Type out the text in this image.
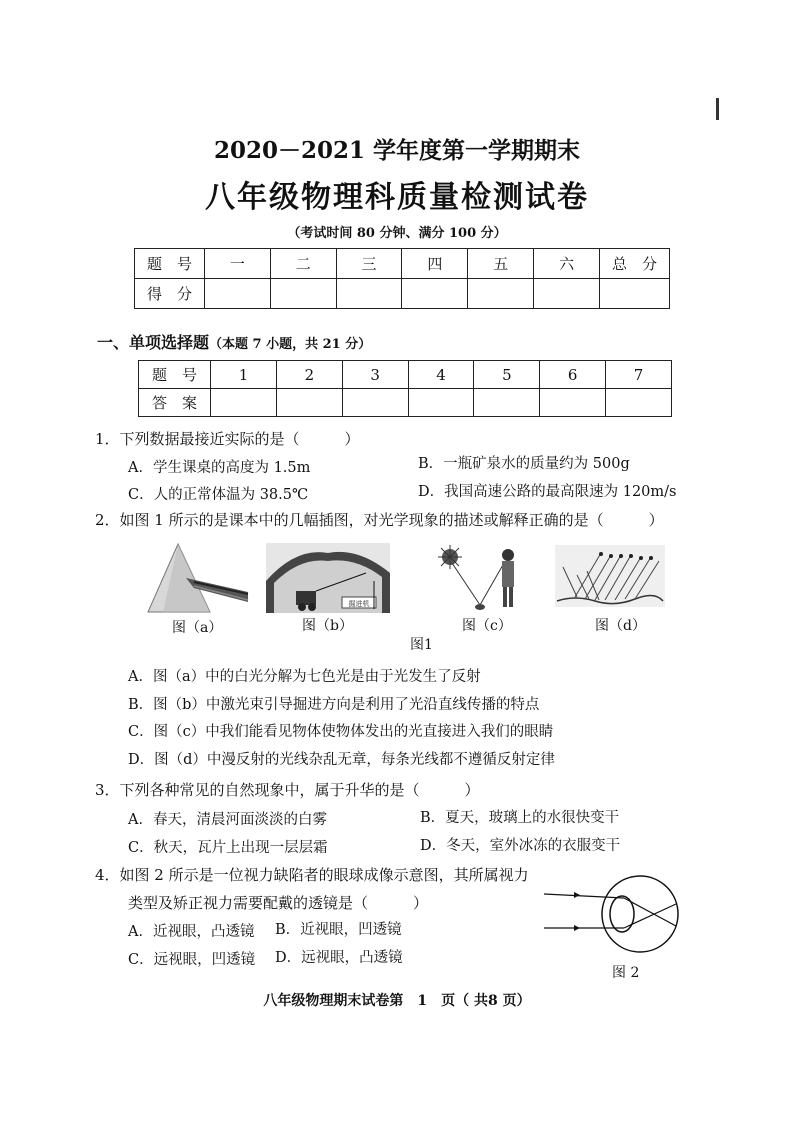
2020－2021 学年度第一学期期末
八年级物理科质量检测试卷
（考试时间 80 分钟、满分 100 分）
题　号	一	二	三	四	五	六	总　分
得　分							
一、单项选择题（本题 7 小题，共 21 分）
题　号	1	2	3	4	5	6	7
答　案							
1．下列数据最接近实际的是（　　　）
A．学生课桌的高度为 1.5m	B．一瓶矿泉水的质量约为 500g
C．人的正常体温为 38.5℃	D．我国高速公路的最高限速为 120m/s
2．如图 1 所示的是课本中的几幅插图，对光学现象的描述或解释正确的是（　　　）
掘进机
图（a）	图（b）	图（c）	图（d）
图1
A．图（a）中的白光分解为七色光是由于光发生了反射
B．图（b）中激光束引导掘进方向是利用了光沿直线传播的特点
C．图（c）中我们能看见物体使物体发出的光直接进入我们的眼睛
D．图（d）中漫反射的光线杂乱无章，每条光线都不遵循反射定律
3．下列各种常见的自然现象中，属于升华的是（　　　）
A．春天，清晨河面淡淡的白雾	B．夏天，玻璃上的水很快变干
C．秋天，瓦片上出现一层层霜	D．冬天，室外冰冻的衣服变干
4．如图 2 所示是一位视力缺陷者的眼球成像示意图，其所属视力
类型及矫正视力需要配戴的透镜是（　　　）
A．近视眼，凸透镜 B．近视眼，凹透镜
C．远视眼，凹透镜 D．远视眼，凸透镜
图 2
八年级物理期末试卷第　1　页（ 共8 页）
